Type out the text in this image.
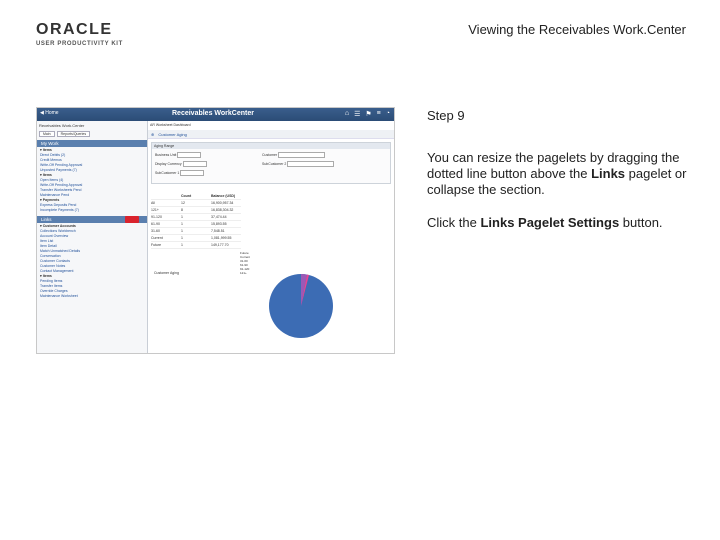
ORACLE
USER PRODUCTIVITY KIT
Viewing the Receivables Work.Center
◀ Home	Receivables WorkCenter	⌂ ☰ ⚑ ≡ ◔
Receivables Work.Center
Main	Reports/Queries
My Work
▾ Items
Direct Debits (2)
Credit Memos
Write-Off Pending Approval
Unposted Payments (7)
▾ Items
Open Items (4)
Write-Off Pending Approval
Transfer Worksheets Pend
Maintenance Pend
▾ Payments
Express Deposits Pend
Incomplete Payments (7)
Links
▾ Customer Accounts
Collections Workbench
Account Overview
Item List
Item Detail
Match Unmatched Details
Conversation
Customer Contacts
Customer Notes
Contact Management
▾ Items
Pending Items
Transfer Items
Override Charges
Maintenance Worksheet
AR Worksheet Dashboard
⊕ Customer Aging
Aging Range
Business Unit
Display Currency
SubCustomer 1
Customer
SubCustomer 2
Count	Balance (USD)
All	12	16,900,957.34
121+	8	16,838,304.32
91-120	1	37,474.44
61-90	1	15,893.55
31-60	1	7,548.51
Current	1	1,081,999.55
Future	1	149,177.70
Customer Aging
Future
Current
31-60
61-90
91-120
121+
Step 9

You can resize the pagelets by dragging the dotted line button above the Links pagelet or collapse the section.

Click the Links Pagelet Settings button.
